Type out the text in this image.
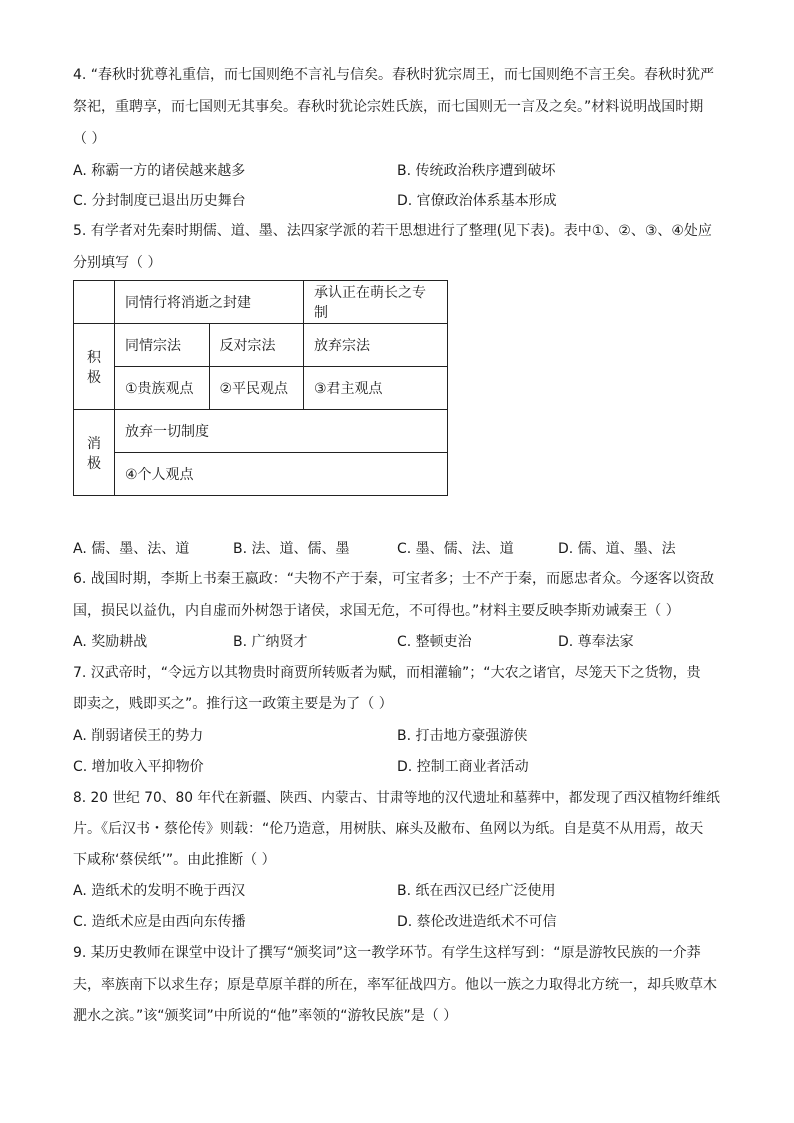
4. “春秋时犹尊礼重信，而七国则绝不言礼与信矣。春秋时犹宗周王，而七国则绝不言王矣。春秋时犹严
祭祀，重聘享，而七国则无其事矣。春秋时犹论宗姓氏族，而七国则无一言及之矣。”材料说明战国时期
（ ）
A. 称霸一方的诸侯越来越多	B. 传统政治秩序遭到破坏
C. 分封制度已退出历史舞台	D. 官僚政治体系基本形成
5. 有学者对先秦时期儒、道、墨、法四家学派的若干思想进行了整理(见下表)。表中①、②、③、④处应
分别填写（ ）
	同情行将消逝之封建		承认正在萌长之专制
积极	同情宗法	反对宗法	放弃宗法
	①贵族观点	②平民观点	③君主观点
消极	放弃一切制度		
	④个人观点		
A. 儒、墨、法、道	B. 法、道、儒、墨	C. 墨、儒、法、道	D. 儒、道、墨、法
6. 战国时期，李斯上书秦王嬴政：“夫物不产于秦，可宝者多；士不产于秦，而愿忠者众。今逐客以资敌
国，损民以益仇，内自虚而外树怨于诸侯，求国无危，不可得也。”材料主要反映李斯劝诫秦王（ ）
A. 奖励耕战	B. 广纳贤才	C. 整顿吏治	D. 尊奉法家
7. 汉武帝时，“令远方以其物贵时商贾所转贩者为赋，而相灌输”；“大农之诸官，尽笼天下之货物，贵
即卖之，贱即买之”。推行这一政策主要是为了（ ）
A. 削弱诸侯王的势力	B. 打击地方豪强游侠
C. 增加收入平抑物价	D. 控制工商业者活动
8. 20 世纪 70、80 年代在新疆、陕西、内蒙古、甘肃等地的汉代遗址和墓葬中，都发现了西汉植物纤维纸
片。《后汉书・蔡伦传》则载：“伦乃造意，用树肤、麻头及敝布、鱼网以为纸。自是莫不从用焉，故天
下咸称‘蔡侯纸’”。由此推断（ ）
A. 造纸术的发明不晚于西汉	B. 纸在西汉已经广泛使用
C. 造纸术应是由西向东传播	D. 蔡伦改进造纸术不可信
9. 某历史教师在课堂中设计了撰写“颁奖词”这一教学环节。有学生这样写到：“原是游牧民族的一介莽
夫，率族南下以求生存；原是草原羊群的所在，率军征战四方。他以一族之力取得北方统一，却兵败草木
淝水之滨。”该“颁奖词”中所说的“他”率领的“游牧民族”是（ ）
